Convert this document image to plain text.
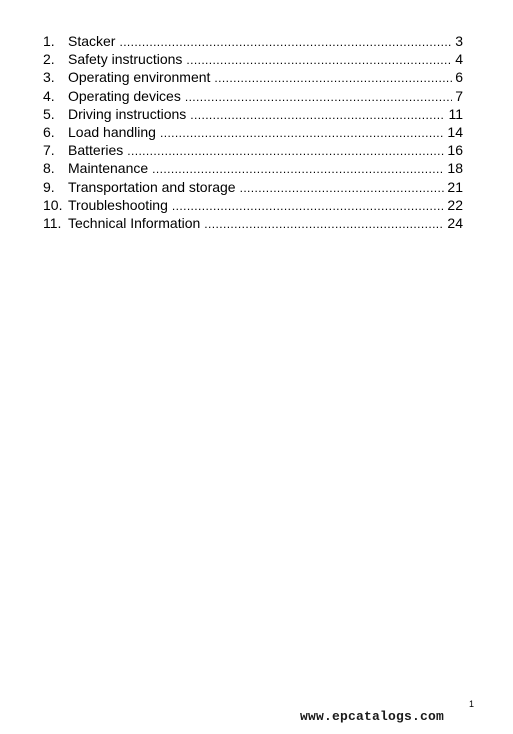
1. Stacker .....	3
2. Safety instructions .....	4
3. Operating environment .....	6
4. Operating devices .....	7
5. Driving instructions .....	11
6. Load handling .....	14
7. Batteries .....	16
8. Maintenance .....	18
9. Transportation and storage .....	21
10. Troubleshooting .....	22
11. Technical Information .....	24
1
www.epcatalogs.com
